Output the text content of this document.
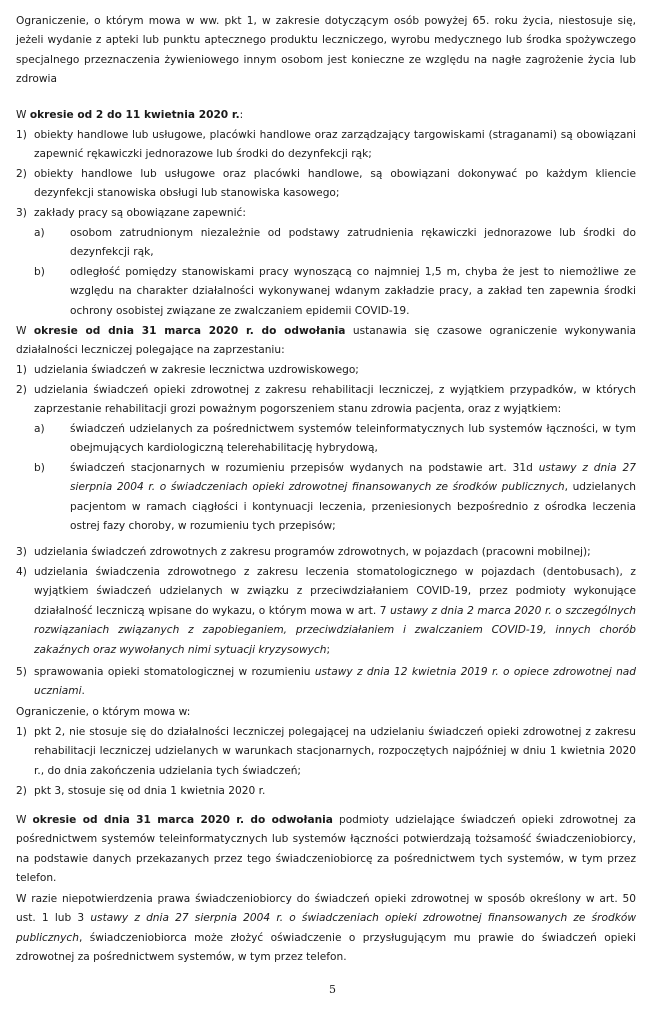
Ograniczenie, o którym mowa w ww. pkt 1, w zakresie dotyczącym osób powyżej 65. roku życia, niestosuje się, jeżeli wydanie z apteki lub punktu aptecznego produktu leczniczego, wyrobu medycznego lub środka spożywczego specjalnego przeznaczenia żywieniowego innym osobom jest konieczne ze względu na nagłe zagrożenie życia lub zdrowia

W okresie od 2 do 11 kwietnia 2020 r.:

1) obiekty handlowe lub usługowe, placówki handlowe oraz zarządzający targowiskami (straganami) są obowiązani zapewnić rękawiczki jednorazowe lub środki do dezynfekcji rąk;

2) obiekty handlowe lub usługowe oraz placówki handlowe, są obowiązani dokonywać po każdym kliencie dezynfekcji stanowiska obsługi lub stanowiska kasowego;

3) zakłady pracy są obowiązane zapewnić:

a) osobom zatrudnionym niezależnie od podstawy zatrudnienia rękawiczki jednorazowe lub środki do dezynfekcji rąk,

b) odległość pomiędzy stanowiskami pracy wynoszącą co najmniej 1,5 m, chyba że jest to niemożliwe ze względu na charakter działalności wykonywanej wdanym zakładzie pracy, a zakład ten zapewnia środki ochrony osobistej związane ze zwalczaniem epidemii COVID-19.

W okresie od dnia 31 marca 2020 r. do odwołania ustanawia się czasowe ograniczenie wykonywania działalności leczniczej polegające na zaprzestaniu:

1) udzielania świadczeń w zakresie lecznictwa uzdrowiskowego;

2) udzielania świadczeń opieki zdrowotnej z zakresu rehabilitacji leczniczej, z wyjątkiem przypadków, w których zaprzestanie rehabilitacji grozi poważnym pogorszeniem stanu zdrowia pacjenta, oraz z wyjątkiem:

a) świadczeń udzielanych za pośrednictwem systemów teleinformatycznych lub systemów łączności, w tym obejmujących kardiologiczną telerehabilitację hybrydową,

b) świadczeń stacjonarnych w rozumieniu przepisów wydanych na podstawie art. 31d ustawy z dnia 27 sierpnia 2004 r. o świadczeniach opieki zdrowotnej finansowanych ze środków publicznych, udzielanych pacjentom w ramach ciągłości i kontynuacji leczenia, przeniesionych bezpośrednio z ośrodka leczenia ostrej fazy choroby, w rozumieniu tych przepisów;

3) udzielania świadczeń zdrowotnych z zakresu programów zdrowotnych, w pojazdach (pracowni mobilnej);

4) udzielania świadczenia zdrowotnego z zakresu leczenia stomatologicznego w pojazdach (dentobusach), z wyjątkiem świadczeń udzielanych w związku z przeciwdziałaniem COVID-19, przez podmioty wykonujące działalność leczniczą wpisane do wykazu, o którym mowa w art. 7 ustawy z dnia 2 marca 2020 r. o szczególnych rozwiązaniach związanych z zapobieganiem, przeciwdziałaniem i zwalczaniem COVID-19, innych chorób zakaźnych oraz wywołanych nimi sytuacji kryzysowych;

5) sprawowania opieki stomatologicznej w rozumieniu ustawy z dnia 12 kwietnia 2019 r. o opiece zdrowotnej nad uczniami.

Ograniczenie, o którym mowa w:

1) pkt 2, nie stosuje się do działalności leczniczej polegającej na udzielaniu świadczeń opieki zdrowotnej z zakresu rehabilitacji leczniczej udzielanych w warunkach stacjonarnych, rozpoczętych najpóźniej w dniu 1 kwietnia 2020 r., do dnia zakończenia udzielania tych świadczeń;

2) pkt 3, stosuje się od dnia 1 kwietnia 2020 r.

W okresie od dnia 31 marca 2020 r. do odwołania podmioty udzielające świadczeń opieki zdrowotnej za pośrednictwem systemów teleinformatycznych lub systemów łączności potwierdzają tożsamość świadczeniobiorcy, na podstawie danych przekazanych przez tego świadczeniobiorcę za pośrednictwem tych systemów, w tym przez telefon.

W razie niepotwierdzenia prawa świadczeniobiorcy do świadczeń opieki zdrowotnej w sposób określony w art. 50 ust. 1 lub 3 ustawy z dnia 27 sierpnia 2004 r. o świadczeniach opieki zdrowotnej finansowanych ze środków publicznych, świadczeniobiorca może złożyć oświadczenie o przysługującym mu prawie do świadczeń opieki zdrowotnej za pośrednictwem systemów, w tym przez telefon.

5
